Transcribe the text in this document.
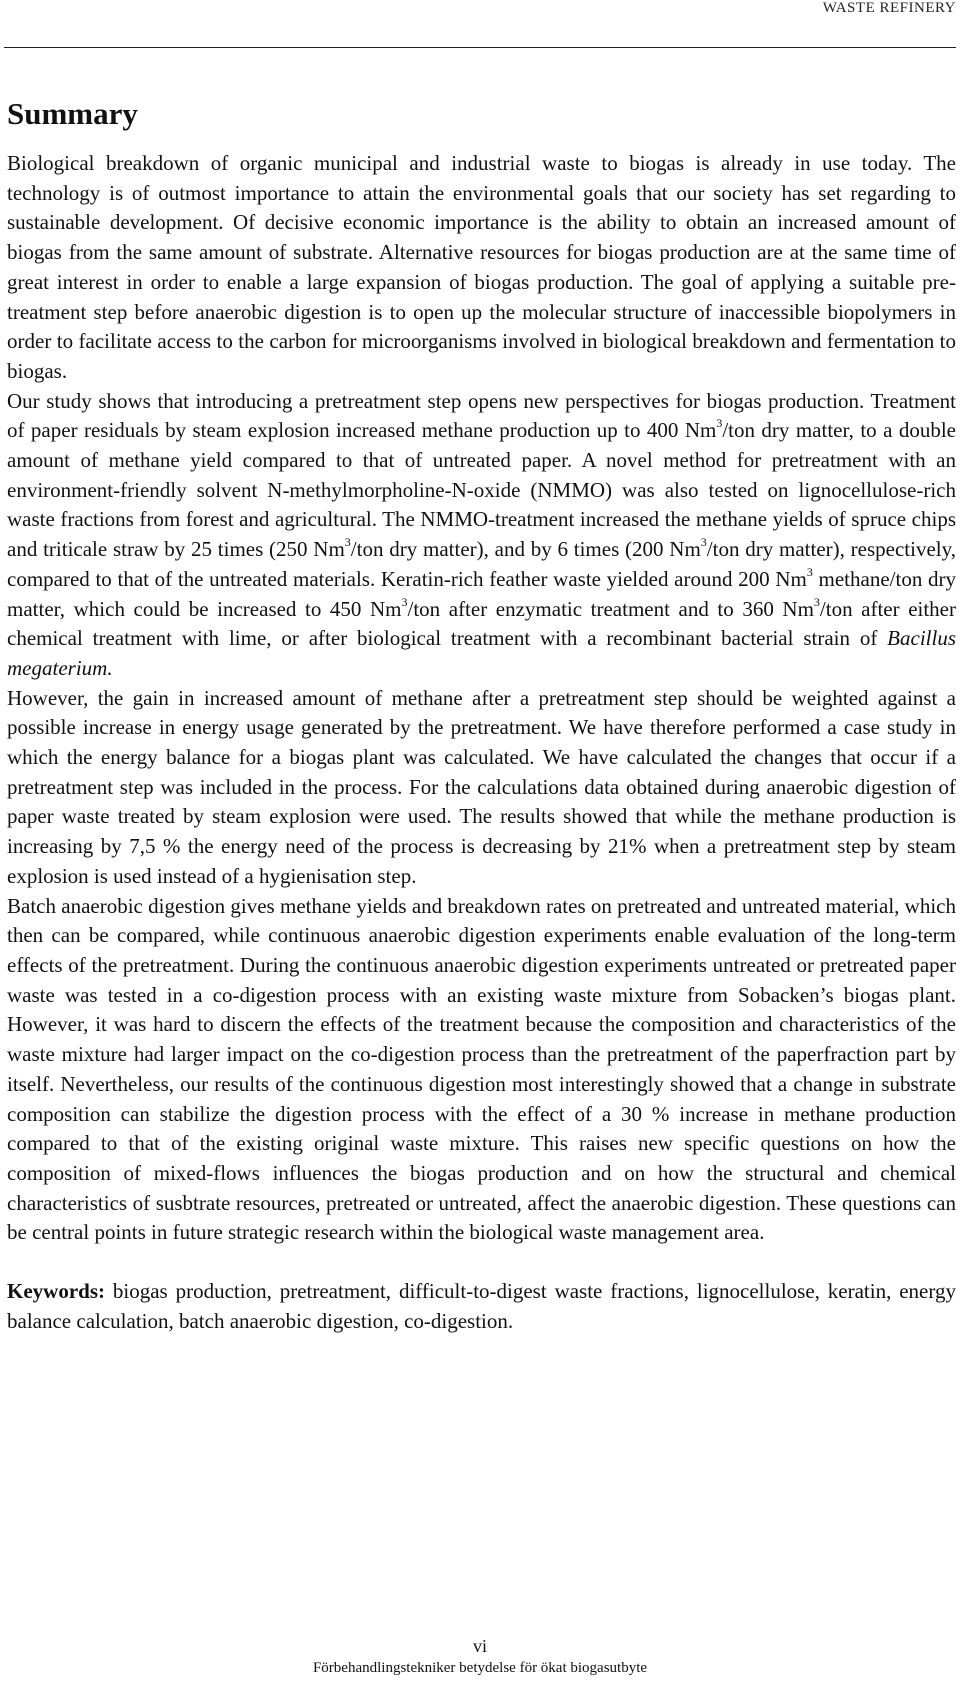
WASTE REFINERY
Summary

Biological breakdown of organic municipal and industrial waste to biogas is already in use today. The technology is of outmost importance to attain the environmental goals that our society has set regarding to sustainable development. Of decisive economic importance is the ability to obtain an increased amount of biogas from the same amount of substrate. Alternative resources for biogas production are at the same time of great interest in order to enable a large expansion of biogas production. The goal of applying a suitable pre-treatment step before anaerobic digestion is to open up the molecular structure of inaccessible biopolymers in order to facilitate access to the carbon for microorganisms involved in biological breakdown and fermentation to biogas.

Our study shows that introducing a pretreatment step opens new perspectives for biogas production. Treatment of paper residuals by steam explosion increased methane production up to 400 Nm$^3$/ton dry matter, to a double amount of methane yield compared to that of untreated paper. A novel method for pretreatment with an environment-friendly solvent N-methylmorpholine-N-oxide (NMMO) was also tested on lignocellulose-rich waste fractions from forest and agricultural. The NMMO-treatment increased the methane yields of spruce chips and triticale straw by 25 times (250 Nm$^3$/ton dry matter), and by 6 times (200 Nm$^3$/ton dry matter), respectively, compared to that of the untreated materials. Keratin-rich feather waste yielded around 200 Nm$^3$ methane/ton dry matter, which could be increased to 450 Nm$^3$/ton after enzymatic treatment and to 360 Nm$^3$/ton after either chemical treatment with lime, or after biological treatment with a recombinant bacterial strain of Bacillus megaterium.

However, the gain in increased amount of methane after a pretreatment step should be weighted against a possible increase in energy usage generated by the pretreatment. We have therefore performed a case study in which the energy balance for a biogas plant was calculated. We have calculated the changes that occur if a pretreatment step was included in the process. For the calculations data obtained during anaerobic digestion of paper waste treated by steam explosion were used. The results showed that while the methane production is increasing by 7,5 % the energy need of the process is decreasing by 21% when a pretreatment step by steam explosion is used instead of a hygienisation step.

Batch anaerobic digestion gives methane yields and breakdown rates on pretreated and untreated material, which then can be compared, while continuous anaerobic digestion experiments enable evaluation of the long-term effects of the pretreatment. During the continuous anaerobic digestion experiments untreated or pretreated paper waste was tested in a co-digestion process with an existing waste mixture from Sobacken’s biogas plant. However, it was hard to discern the effects of the treatment because the composition and characteristics of the waste mixture had larger impact on the co-digestion process than the pretreatment of the paperfraction part by itself. Nevertheless, our results of the continuous digestion most interestingly showed that a change in substrate composition can stabilize the digestion process with the effect of a 30 % increase in methane production compared to that of the existing original waste mixture. This raises new specific questions on how the composition of mixed-flows influences the biogas production and on how the structural and chemical characteristics of susbtrate resources, pretreated or untreated, affect the anaerobic digestion. These questions can be central points in future strategic research within the biological waste management area.

Keywords: biogas production, pretreatment, difficult-to-digest waste fractions, lignocellulose, keratin, energy balance calculation, batch anaerobic digestion, co-digestion.

vi
Förbehandlingstekniker betydelse för ökat biogasutbyte
